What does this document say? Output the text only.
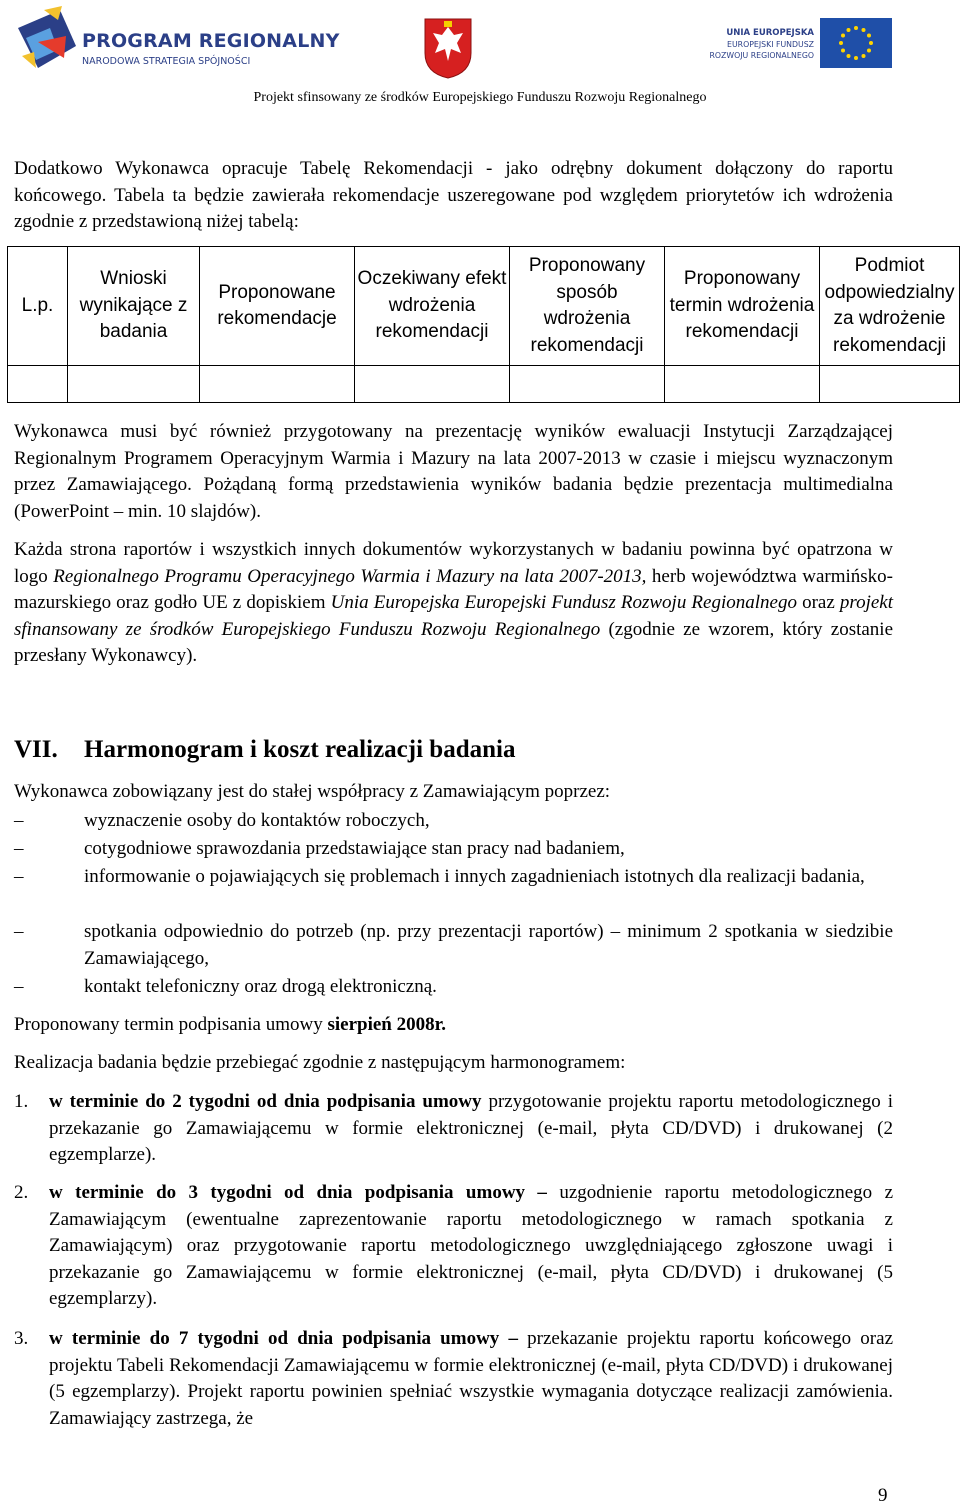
PROGRAM REGIONALNY
NARODOWA STRATEGIA SPÓJNOŚCI
UNIA EUROPEJSKA
EUROPEJSKI FUNDUSZ
ROZWOJU REGIONALNEGO
Projekt sfinsowany ze środków Europejskiego Funduszu Rozwoju Regionalnego
Dodatkowo Wykonawca opracuje Tabelę Rekomendacji - jako odrębny dokument dołączony do raportu końcowego. Tabela ta będzie zawierała rekomendacje uszeregowane pod względem priorytetów ich wdrożenia zgodnie z przedstawioną niżej tabelą:
L.p.	Wnioski wynikające z badania	Proponowane rekomendacje	Oczekiwany efekt wdrożenia rekomendacji	Proponowany sposób wdrożenia rekomendacji	Proponowany termin wdrożenia rekomendacji	Podmiot odpowiedzialny za wdrożenie rekomendacji

Wykonawca musi być również przygotowany na prezentację wyników ewaluacji Instytucji Zarządzającej Regionalnym Programem Operacyjnym Warmia i Mazury na lata 2007-2013 w czasie i miejscu wyznaczonym przez Zamawiającego. Pożądaną formą przedstawienia wyników badania będzie prezentacja multimedialna (PowerPoint – min. 10 slajdów).
Każda strona raportów i wszystkich innych dokumentów wykorzystanych w badaniu powinna być opatrzona w logo Regionalnego Programu Operacyjnego Warmia i Mazury na lata 2007-2013, herb województwa warmińsko-mazurskiego oraz godło UE z dopiskiem Unia Europejska Europejski Fundusz Rozwoju Regionalnego oraz projekt sfinansowany ze środków Europejskiego Funduszu Rozwoju Regionalnego (zgodnie ze wzorem, który zostanie przesłany Wykonawcy).
VII. Harmonogram i koszt realizacji badania
Wykonawca zobowiązany jest do stałej współpracy z Zamawiającym poprzez:
–	wyznaczenie osoby do kontaktów roboczych,
–	cotygodniowe sprawozdania przedstawiające stan pracy nad badaniem,
–	informowanie o pojawiających się problemach i innych zagadnieniach istotnych dla realizacji badania,
–	spotkania odpowiednio do potrzeb (np. przy prezentacji raportów) – minimum 2 spotkania w siedzibie Zamawiającego,
–	kontakt telefoniczny oraz drogą elektroniczną.
Proponowany termin podpisania umowy sierpień 2008r.
Realizacja badania będzie przebiegać zgodnie z następującym harmonogramem:
1. w terminie do 2 tygodni od dnia podpisania umowy przygotowanie projektu raportu metodologicznego i przekazanie go Zamawiającemu w formie elektronicznej (e-mail, płyta CD/DVD) i drukowanej (2 egzemplarze).
2. w terminie do 3 tygodni od dnia podpisania umowy – uzgodnienie raportu metodologicznego z Zamawiającym (ewentualne zaprezentowanie raportu metodologicznego w ramach spotkania z Zamawiającym) oraz przygotowanie raportu metodologicznego uwzględniającego zgłoszone uwagi i przekazanie go Zamawiającemu w formie elektronicznej (e-mail, płyta CD/DVD) i drukowanej (5 egzemplarzy).
3. w terminie do 7 tygodni od dnia podpisania umowy – przekazanie projektu raportu końcowego oraz projektu Tabeli Rekomendacji Zamawiającemu w formie elektronicznej (e-mail, płyta CD/DVD) i drukowanej (5 egzemplarzy). Projekt raportu powinien spełniać wszystkie wymagania dotyczące realizacji zamówienia. Zamawiający zastrzega, że
9
